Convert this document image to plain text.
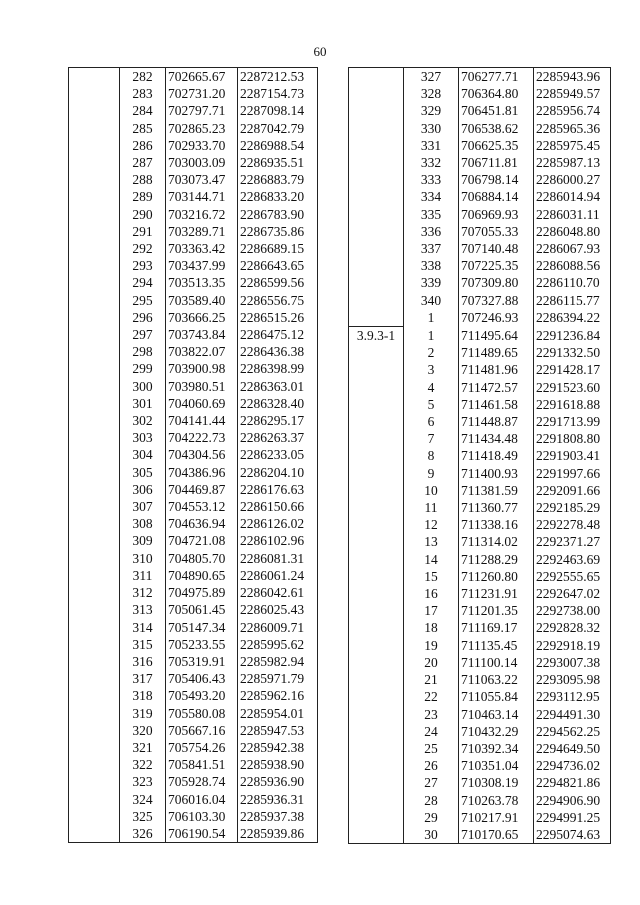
60
	282	702665.67	2287212.53
	283	702731.20	2287154.73
	284	702797.71	2287098.14
	285	702865.23	2287042.79
	286	702933.70	2286988.54
	287	703003.09	2286935.51
	288	703073.47	2286883.79
	289	703144.71	2286833.20
	290	703216.72	2286783.90
	291	703289.71	2286735.86
	292	703363.42	2286689.15
	293	703437.99	2286643.65
	294	703513.35	2286599.56
	295	703589.40	2286556.75
	296	703666.25	2286515.26
	297	703743.84	2286475.12
	298	703822.07	2286436.38
	299	703900.98	2286398.99
	300	703980.51	2286363.01
	301	704060.69	2286328.40
	302	704141.44	2286295.17
	303	704222.73	2286263.37
	304	704304.56	2286233.05
	305	704386.96	2286204.10
	306	704469.87	2286176.63
	307	704553.12	2286150.66
	308	704636.94	2286126.02
	309	704721.08	2286102.96
	310	704805.70	2286081.31
	311	704890.65	2286061.24
	312	704975.89	2286042.61
	313	705061.45	2286025.43
	314	705147.34	2286009.71
	315	705233.55	2285995.62
	316	705319.91	2285982.94
	317	705406.43	2285971.79
	318	705493.20	2285962.16
	319	705580.08	2285954.01
	320	705667.16	2285947.53
	321	705754.26	2285942.38
	322	705841.51	2285938.90
	323	705928.74	2285936.90
	324	706016.04	2285936.31
	325	706103.30	2285937.38
	326	706190.54	2285939.86
	327	706277.71	2285943.96
	328	706364.80	2285949.57
	329	706451.81	2285956.74
	330	706538.62	2285965.36
	331	706625.35	2285975.45
	332	706711.81	2285987.13
	333	706798.14	2286000.27
	334	706884.14	2286014.94
	335	706969.93	2286031.11
	336	707055.33	2286048.80
	337	707140.48	2286067.93
	338	707225.35	2286088.56
	339	707309.80	2286110.70
	340	707327.88	2286115.77
	1	707246.93	2286394.22
3.9.3-1	1	711495.64	2291236.84
	2	711489.65	2291332.50
	3	711481.96	2291428.17
	4	711472.57	2291523.60
	5	711461.58	2291618.88
	6	711448.87	2291713.99
	7	711434.48	2291808.80
	8	711418.49	2291903.41
	9	711400.93	2291997.66
	10	711381.59	2292091.66
	11	711360.77	2292185.29
	12	711338.16	2292278.48
	13	711314.02	2292371.27
	14	711288.29	2292463.69
	15	711260.80	2292555.65
	16	711231.91	2292647.02
	17	711201.35	2292738.00
	18	711169.17	2292828.32
	19	711135.45	2292918.19
	20	711100.14	2293007.38
	21	711063.22	2293095.98
	22	711055.84	2293112.95
	23	710463.14	2294491.30
	24	710432.29	2294562.25
	25	710392.34	2294649.50
	26	710351.04	2294736.02
	27	710308.19	2294821.86
	28	710263.78	2294906.90
	29	710217.91	2294991.25
	30	710170.65	2295074.63
